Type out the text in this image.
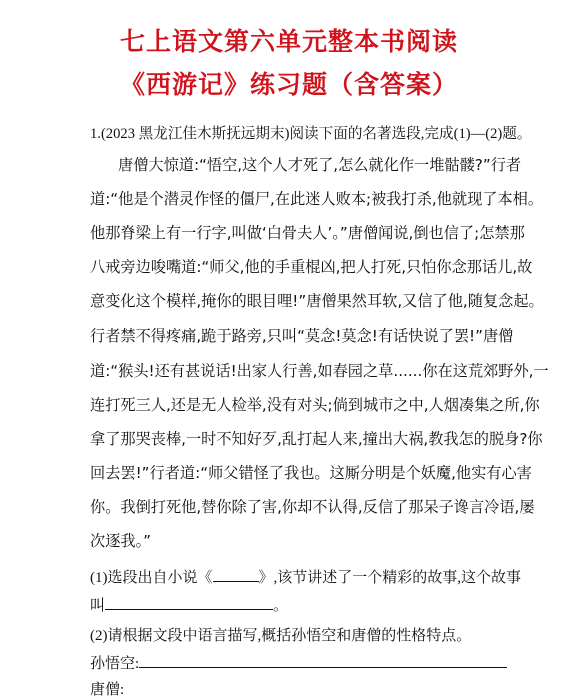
七上语文第六单元整本书阅读
《西游记》练习题（含答案）
1.(2023 黑龙江佳木斯抚远期末)阅读下面的名著选段,完成(1)—(2)题。
唐僧大惊道:“悟空,这个人才死了,怎么就化作一堆骷髅?”行者
道:“他是个潜灵作怪的僵尸,在此迷人败本;被我打杀,他就现了本相。
他那脊梁上有一行字,叫做‘白骨夫人’。”唐僧闻说,倒也信了;怎禁那
八戒旁边唆嘴道:“师父,他的手重棍凶,把人打死,只怕你念那话儿,故
意变化这个模样,掩你的眼目哩!”唐僧果然耳软,又信了他,随复念起。
行者禁不得疼痛,跪于路旁,只叫“莫念!莫念!有话快说了罢!”唐僧
道:“猴头!还有甚说话!出家人行善,如春园之草......你在这荒郊野外,一
连打死三人,还是无人检举,没有对头;倘到城市之中,人烟凑集之所,你
拿了那哭丧棒,一时不知好歹,乱打起人来,撞出大祸,教我怎的脱身?你
回去罢!”行者道:“师父错怪了我也。这厮分明是个妖魔,他实有心害
你。我倒打死他,替你除了害,你却不认得,反信了那呆子谗言冷语,屡
次逐我。”
(1)选段出自小说《	》,该节讲述了一个精彩的故事,这个故事
叫	。
(2)请根据文段中语言描写,概括孙悟空和唐僧的性格特点。
孙悟空:
唐僧:
